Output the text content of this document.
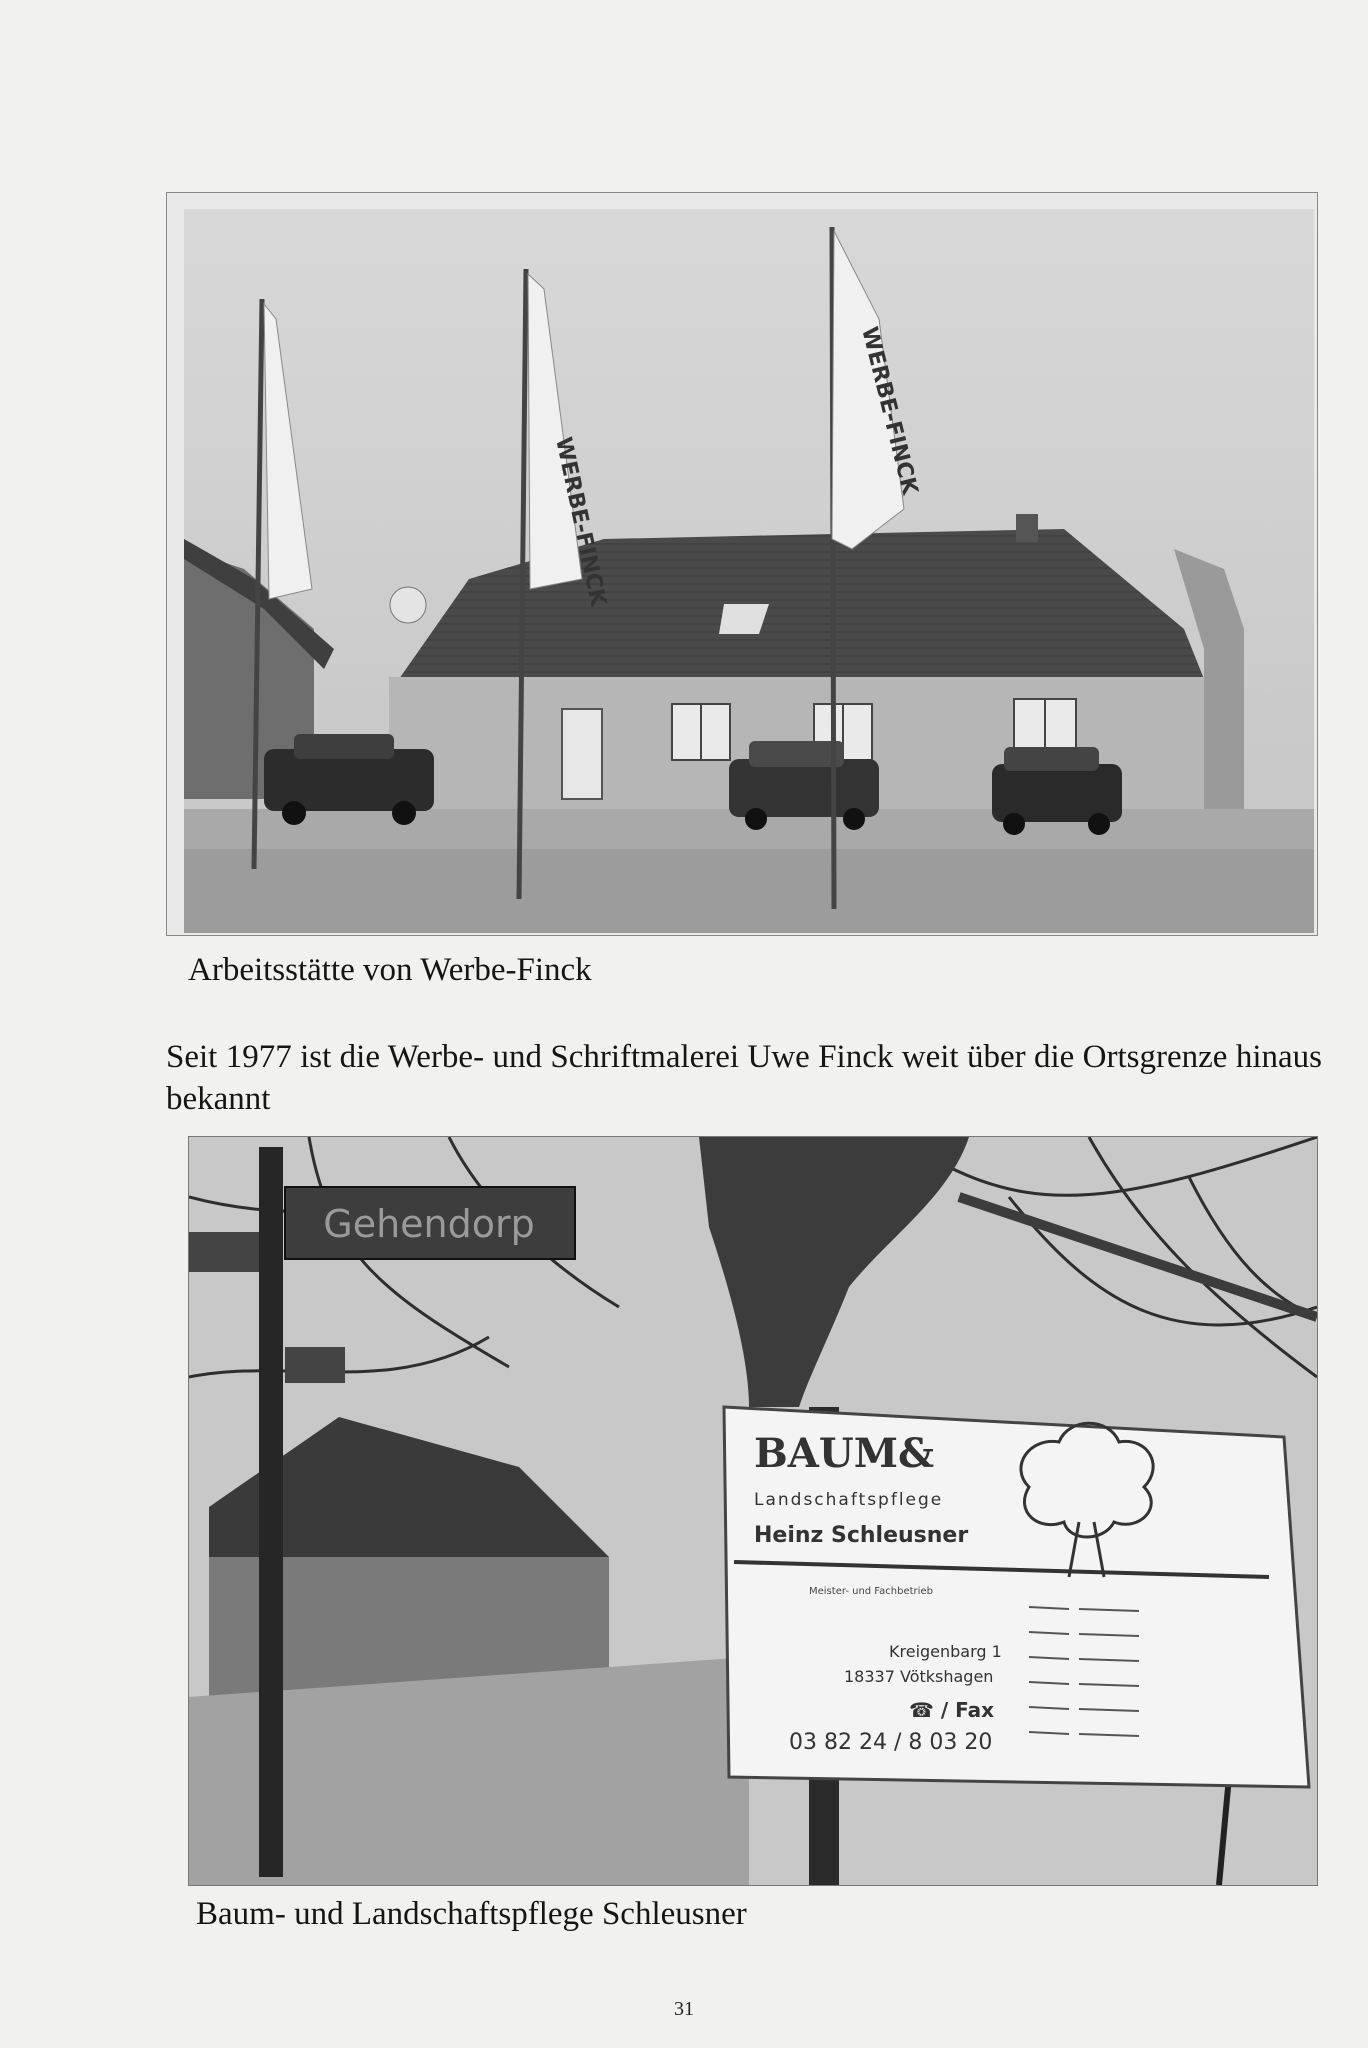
WERBE-FINCK
WERBE-FINCK
Arbeitsstätte von Werbe-Finck
Seit 1977 ist die Werbe- und Schriftmalerei Uwe Finck weit über die Ortsgrenze hinaus bekannt
Gehendorp
BAUM&
Landschaftspflege
Heinz Schleusner
Meister- und Fachbetrieb
Kreigenbarg 1
18337 Vötkshagen
☎ / Fax
03 82 24 / 8 03 20
Baum- und Landschaftspflege Schleusner
31
